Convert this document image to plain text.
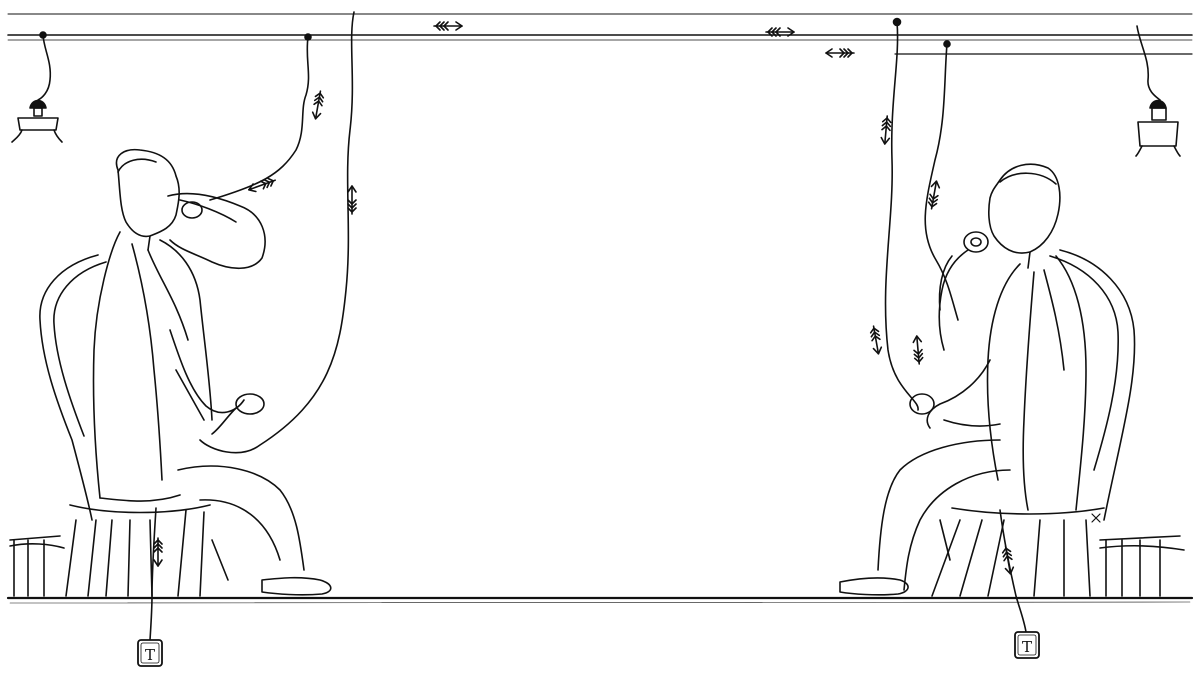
T	T
